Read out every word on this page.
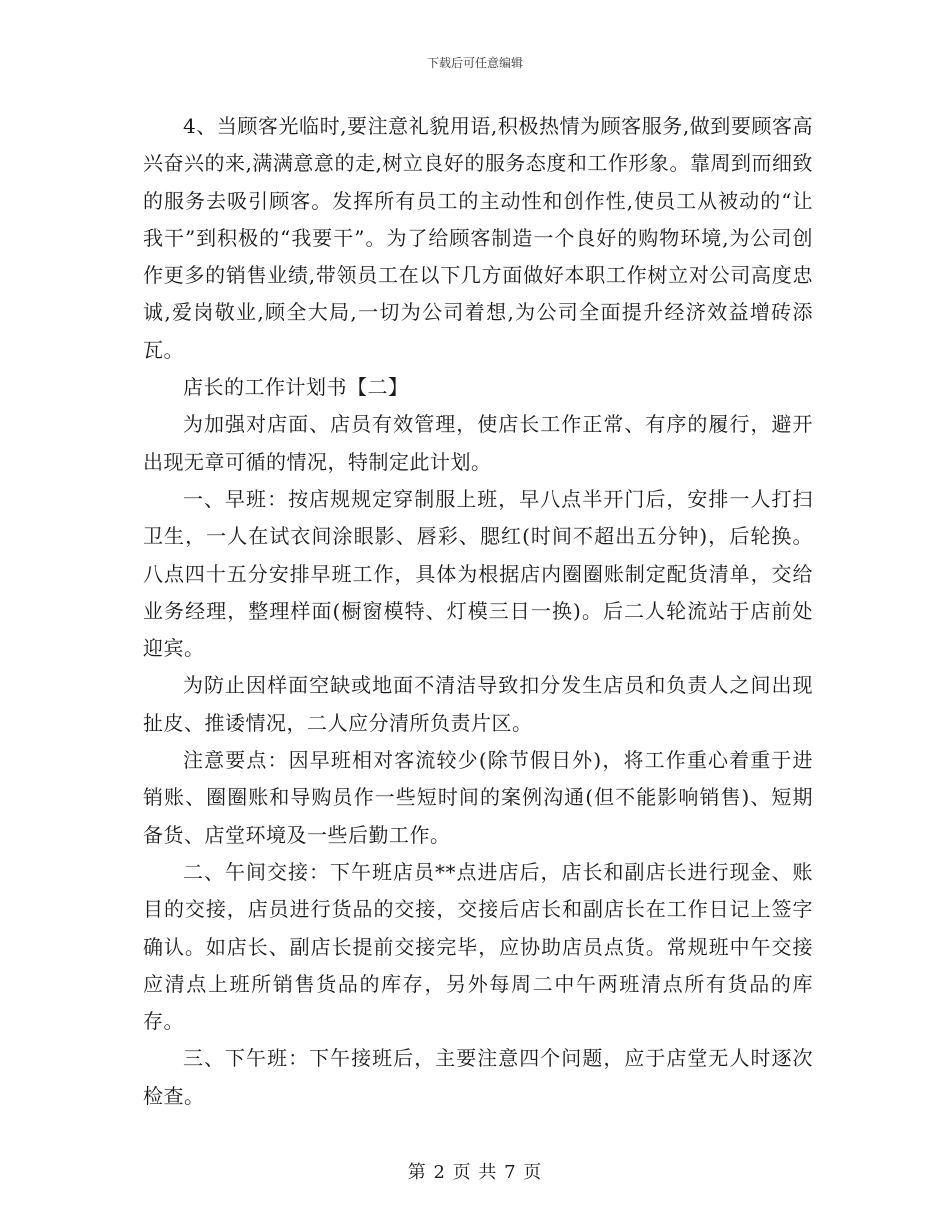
下载后可任意编辑

4、当顾客光临时,要注意礼貌用语,积极热情为顾客服务,做到要顾客高兴奋兴的来,满满意意的走,树立良好的服务态度和工作形象。靠周到而细致的服务去吸引顾客。发挥所有员工的主动性和创作性,使员工从被动的“让我干”到积极的“我要干”。为了给顾客制造一个良好的购物环境,为公司创作更多的销售业绩,带领员工在以下几方面做好本职工作树立对公司高度忠诚,爱岗敬业,顾全大局,一切为公司着想,为公司全面提升经济效益增砖添瓦。

店长的工作计划书【二】

为加强对店面、店员有效管理，使店长工作正常、有序的履行，避开出现无章可循的情况，特制定此计划。

一、早班：按店规规定穿制服上班，早八点半开门后，安排一人打扫卫生，一人在试衣间涂眼影、唇彩、腮红(时间不超出五分钟)，后轮换。八点四十五分安排早班工作，具体为根据店内圈圈账制定配货清单，交给业务经理，整理样面(橱窗模特、灯模三日一换)。后二人轮流站于店前处迎宾。

为防止因样面空缺或地面不清洁导致扣分发生店员和负责人之间出现扯皮、推诿情况，二人应分清所负责片区。

注意要点：因早班相对客流较少(除节假日外)，将工作重心着重于进销账、圈圈账和导购员作一些短时间的案例沟通(但不能影响销售)、短期备货、店堂环境及一些后勤工作。

二、午间交接：下午班店员**点进店后，店长和副店长进行现金、账目的交接，店员进行货品的交接，交接后店长和副店长在工作日记上签字确认。如店长、副店长提前交接完毕，应协助店员点货。常规班中午交接应清点上班所销售货品的库存，另外每周二中午两班清点所有货品的库存。

三、下午班：下午接班后，主要注意四个问题，应于店堂无人时逐次检查。

第 2 页 共 7 页
